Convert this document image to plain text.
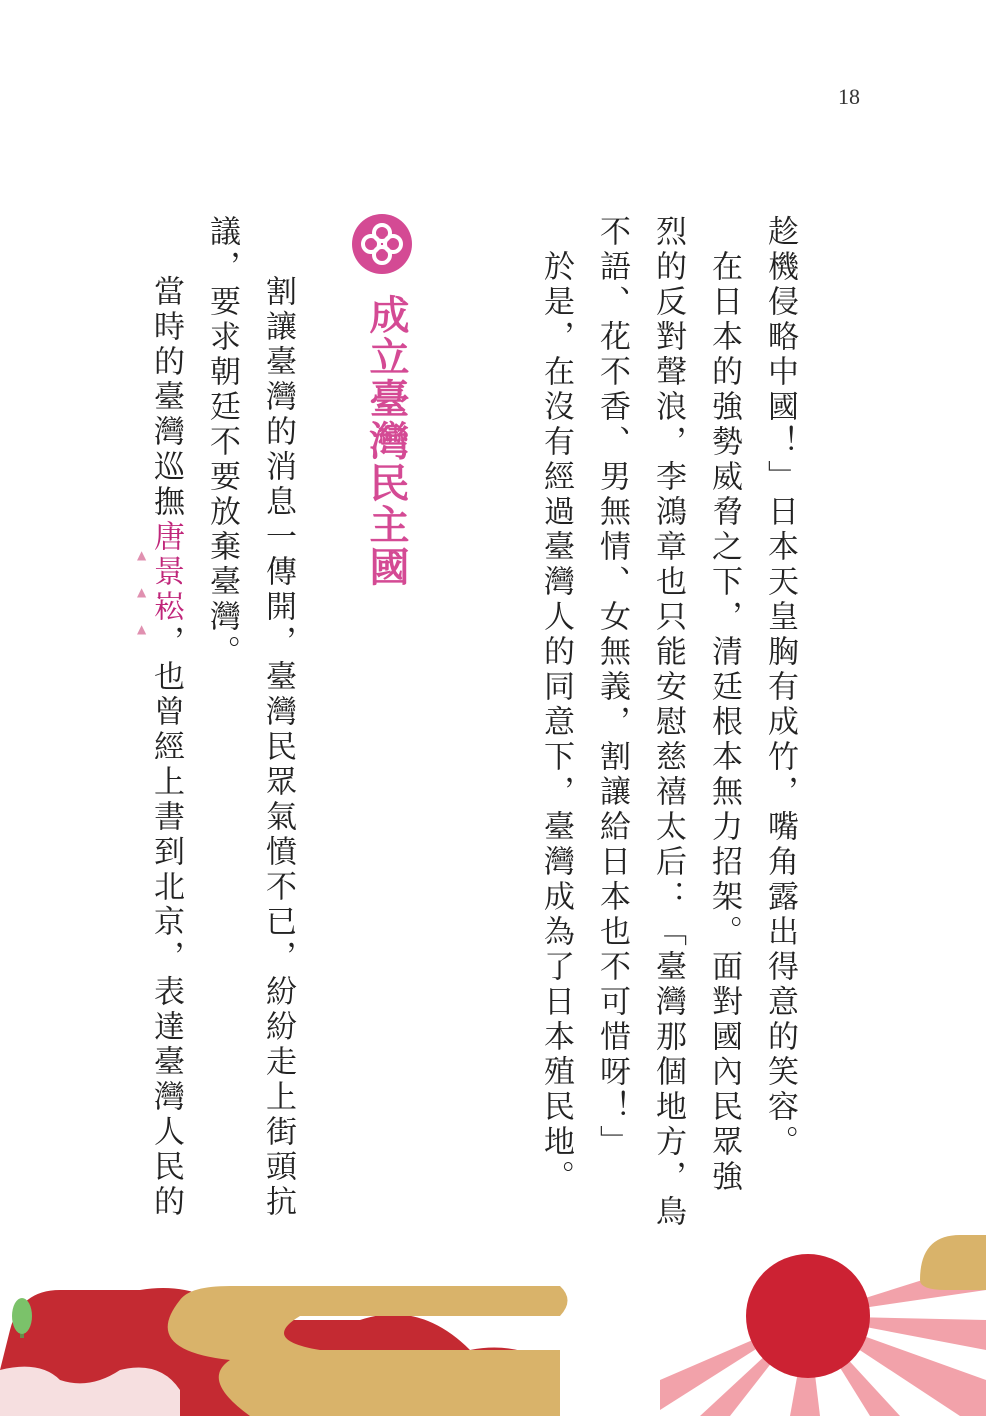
18
趁機侵略中國！」日本天皇胸有成竹，嘴角露出得意的笑容。
　在日本的強勢威脅之下，清廷根本無力招架。面對國內民眾強
烈的反對聲浪，李鴻章也只能安慰慈禧太后：「臺灣那個地方，鳥
不語、花不香、男無情、女無義，割讓給日本也不可惜呀！」
　於是，在沒有經過臺灣人的同意下，臺灣成為了日本殖民地。
成立臺灣民主國
割讓臺灣的消息一傳開，臺灣民眾氣憤不已，紛紛走上街頭抗
議，要求朝廷不要放棄臺灣。
當時的臺灣巡撫唐景崧，也曾經上書到北京，表達臺灣人民的
▲
▲
▲
